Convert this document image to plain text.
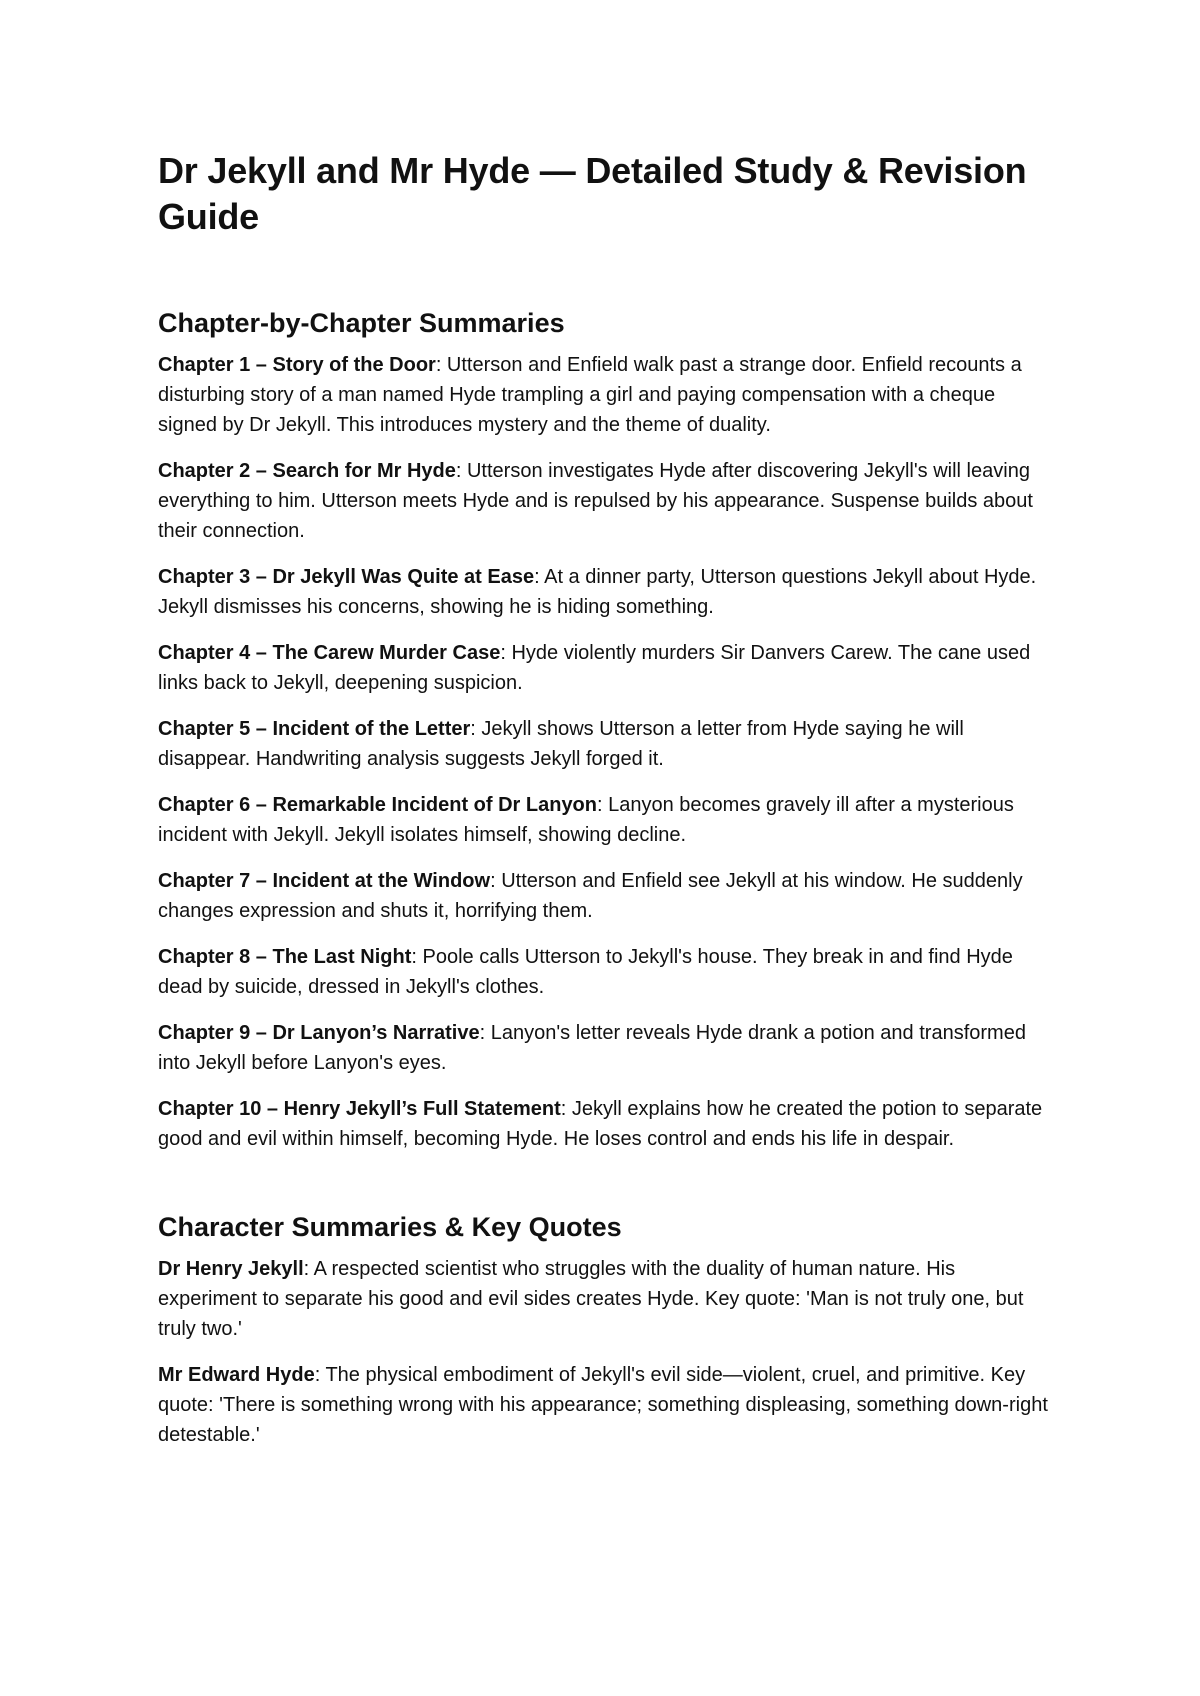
Dr Jekyll and Mr Hyde — Detailed Study & Revision Guide
Chapter-by-Chapter Summaries

Chapter 1 – Story of the Door: Utterson and Enfield walk past a strange door. Enfield recounts a disturbing story of a man named Hyde trampling a girl and paying compensation with a cheque signed by Dr Jekyll. This introduces mystery and the theme of duality.

Chapter 2 – Search for Mr Hyde: Utterson investigates Hyde after discovering Jekyll's will leaving everything to him. Utterson meets Hyde and is repulsed by his appearance. Suspense builds about their connection.

Chapter 3 – Dr Jekyll Was Quite at Ease: At a dinner party, Utterson questions Jekyll about Hyde. Jekyll dismisses his concerns, showing he is hiding something.

Chapter 4 – The Carew Murder Case: Hyde violently murders Sir Danvers Carew. The cane used links back to Jekyll, deepening suspicion.

Chapter 5 – Incident of the Letter: Jekyll shows Utterson a letter from Hyde saying he will disappear. Handwriting analysis suggests Jekyll forged it.

Chapter 6 – Remarkable Incident of Dr Lanyon: Lanyon becomes gravely ill after a mysterious incident with Jekyll. Jekyll isolates himself, showing decline.

Chapter 7 – Incident at the Window: Utterson and Enfield see Jekyll at his window. He suddenly changes expression and shuts it, horrifying them.

Chapter 8 – The Last Night: Poole calls Utterson to Jekyll's house. They break in and find Hyde dead by suicide, dressed in Jekyll's clothes.

Chapter 9 – Dr Lanyon’s Narrative: Lanyon's letter reveals Hyde drank a potion and transformed into Jekyll before Lanyon's eyes.

Chapter 10 – Henry Jekyll’s Full Statement: Jekyll explains how he created the potion to separate good and evil within himself, becoming Hyde. He loses control and ends his life in despair.

Character Summaries & Key Quotes

Dr Henry Jekyll: A respected scientist who struggles with the duality of human nature. His experiment to separate his good and evil sides creates Hyde. Key quote: 'Man is not truly one, but truly two.'

Mr Edward Hyde: The physical embodiment of Jekyll's evil side—violent, cruel, and primitive. Key quote: 'There is something wrong with his appearance; something displeasing, something down-right detestable.'
